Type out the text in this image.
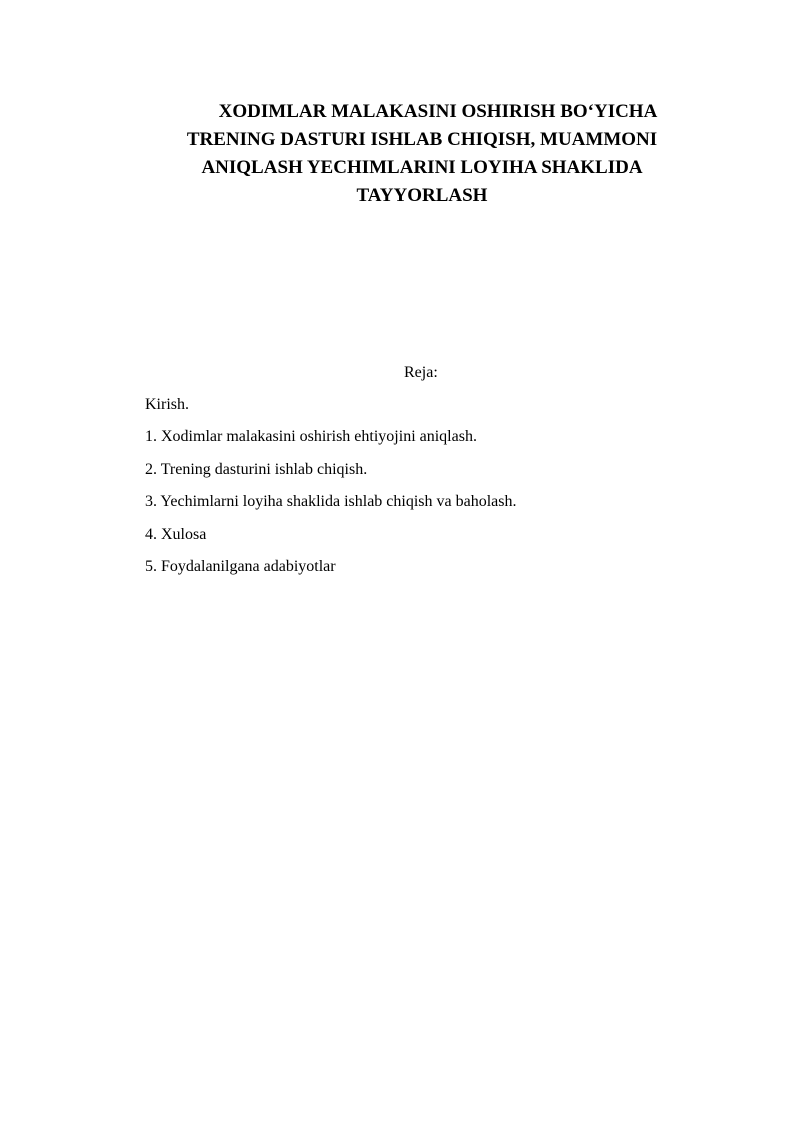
XODIMLAR MALAKASINI OSHIRISH BO‘YICHA
TRENING DASTURI ISHLAB CHIQISH, MUAMMONI
ANIQLASH YECHIMLARINI LOYIHA SHAKLIDA
TAYYORLASH

Reja:

Kirish.
1. Xodimlar malakasini oshirish ehtiyojini aniqlash.
2. Trening dasturini ishlab chiqish.
3. Yechimlarni loyiha shaklida ishlab chiqish va baholash.
4. Xulosa
5. Foydalanilgana adabiyotlar
